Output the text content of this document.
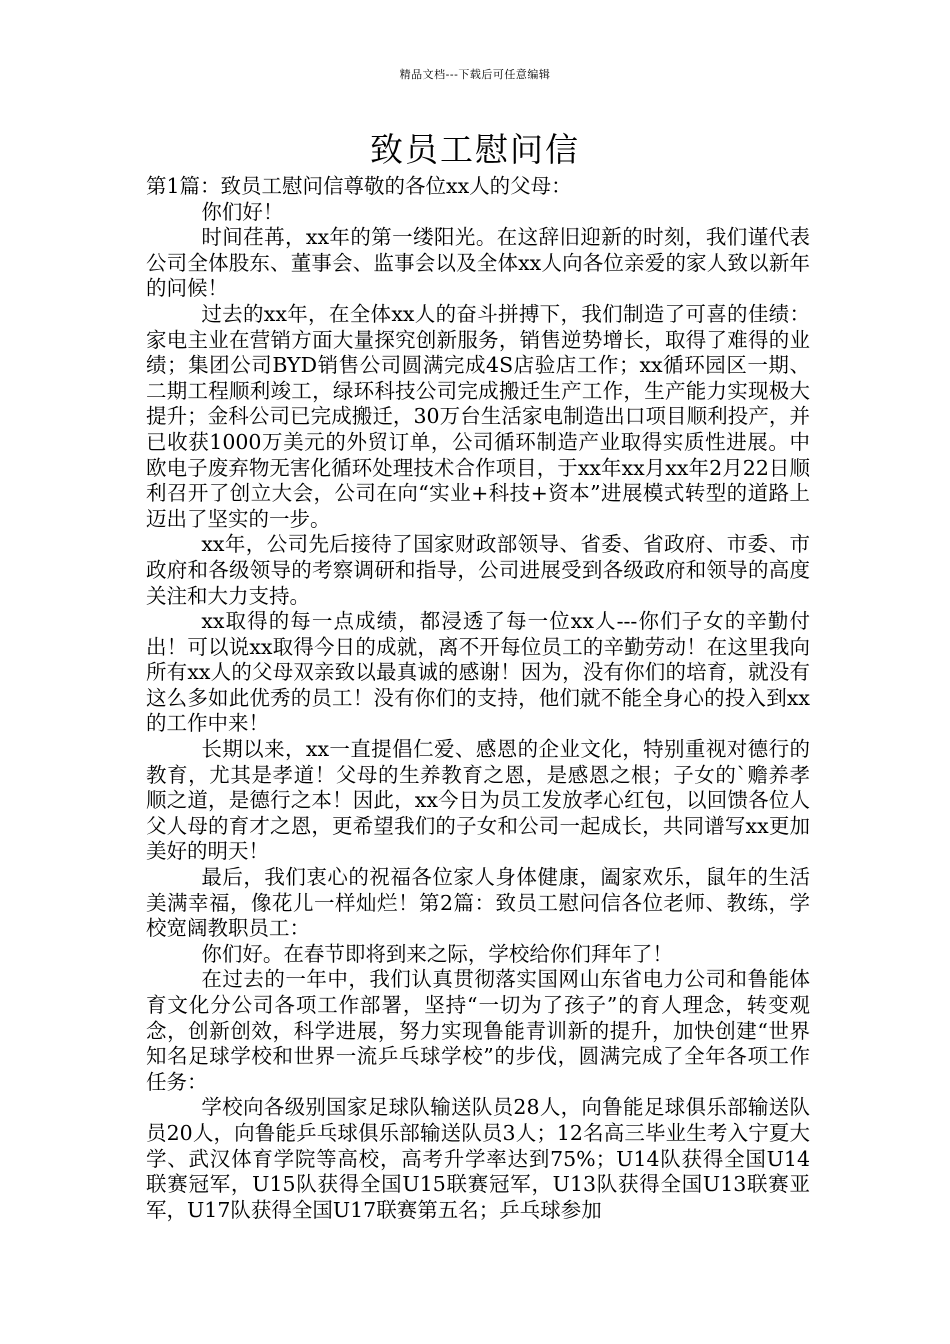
精品文档---下载后可任意编辑
致员工慰问信

第1篇：致员工慰问信尊敬的各位xx人的父母：

你们好！

时间荏苒，xx年的第一缕阳光。在这辞旧迎新的时刻，我们谨代表公司全体股东、董事会、监事会以及全体xx人向各位亲爱的家人致以新年的问候！

过去的xx年，在全体xx人的奋斗拼搏下，我们制造了可喜的佳绩：家电主业在营销方面大量探究创新服务，销售逆势增长，取得了难得的业绩；集团公司BYD销售公司圆满完成4S店验店工作；xx循环园区一期、二期工程顺利竣工，绿环科技公司完成搬迁生产工作，生产能力实现极大提升；金科公司已完成搬迁，30万台生活家电制造出口项目顺利投产，并已收获1000万美元的外贸订单，公司循环制造产业取得实质性进展。中欧电子废弃物无害化循环处理技术合作项目，于xx年xx月xx年2月22日顺利召开了创立大会，公司在向“实业+科技+资本”进展模式转型的道路上迈出了坚实的一步。

xx年，公司先后接待了国家财政部领导、省委、省政府、市委、市政府和各级领导的考察调研和指导，公司进展受到各级政府和领导的高度关注和大力支持。

xx取得的每一点成绩，都浸透了每一位xx人---你们子女的辛勤付出！可以说xx取得今日的成就，离不开每位员工的辛勤劳动！在这里我向所有xx人的父母双亲致以最真诚的感谢！因为，没有你们的培育，就没有这么多如此优秀的员工！没有你们的支持，他们就不能全身心的投入到xx的工作中来！

长期以来，xx一直提倡仁爱、感恩的企业文化，特别重视对德行的教育，尤其是孝道！父母的生养教育之恩，是感恩之根；子女的`赡养孝顺之道，是德行之本！因此，xx今日为员工发放孝心红包，以回馈各位人父人母的育才之恩，更希望我们的子女和公司一起成长，共同谱写xx更加美好的明天！

最后，我们衷心的祝福各位家人身体健康，阖家欢乐，鼠年的生活美满幸福，像花儿一样灿烂！第2篇：致员工慰问信各位老师、教练，学校宽阔教职员工：

你们好。在春节即将到来之际，学校给你们拜年了！

在过去的一年中，我们认真贯彻落实国网山东省电力公司和鲁能体育文化分公司各项工作部署，坚持“一切为了孩子”的育人理念，转变观念，创新创效，科学进展，努力实现鲁能青训新的提升，加快创建“世界知名足球学校和世界一流乒乓球学校”的步伐，圆满完成了全年各项工作任务：

学校向各级别国家足球队输送队员28人，向鲁能足球俱乐部输送队员20人，向鲁能乒乓球俱乐部输送队员3人；12名高三毕业生考入宁夏大学、武汉体育学院等高校，高考升学率达到75%；U14队获得全国U14联赛冠军，U15队获得全国U15联赛冠军，U13队获得全国U13联赛亚军，U17队获得全国U17联赛第五名；乒乓球参加
